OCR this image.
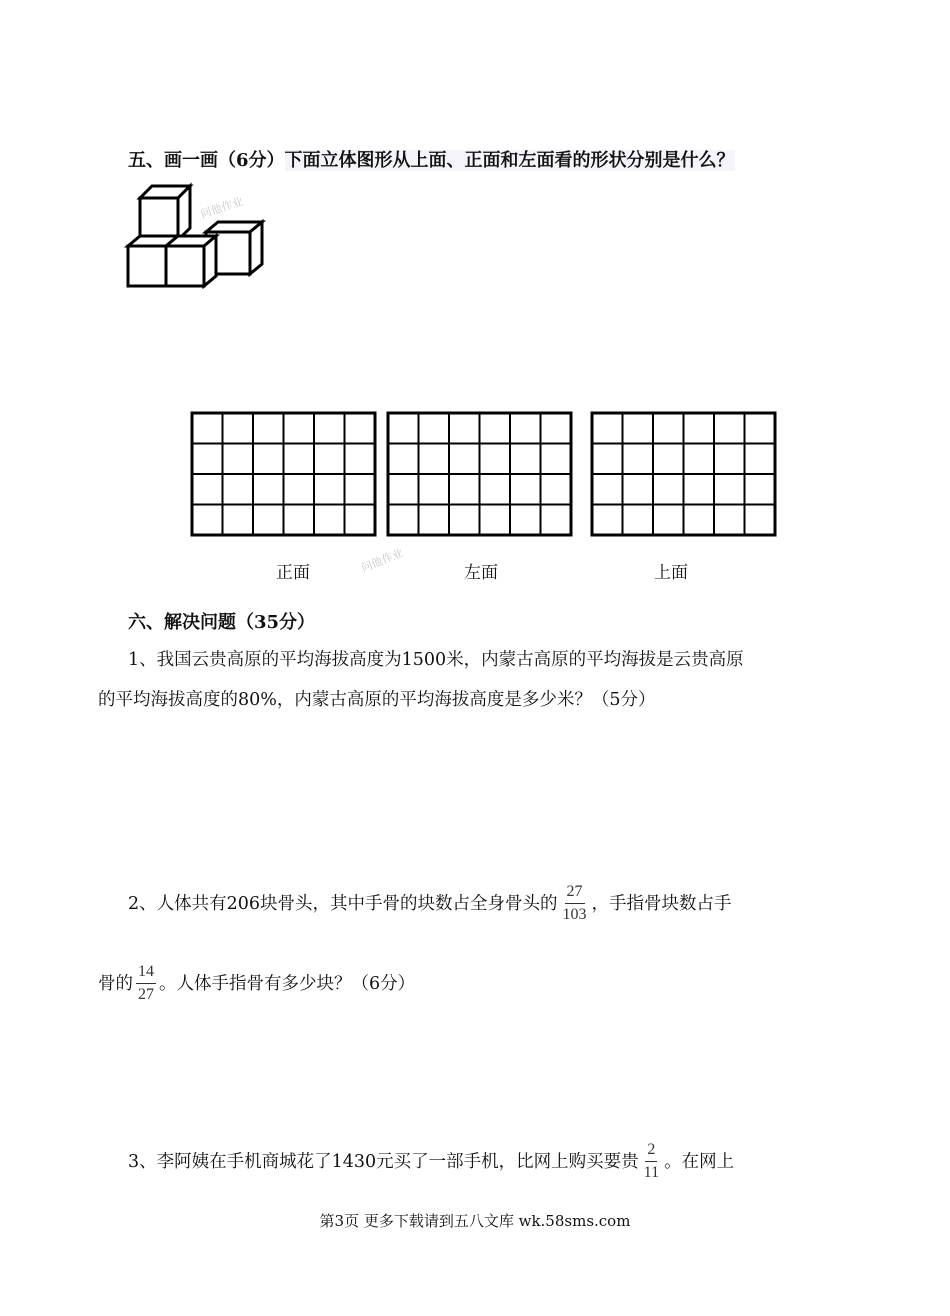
五、画一画（6分）下面立体图形从上面、正面和左面看的形状分别是什么？
问他作业
正面	左面	上面
问他作业
六、解决问题（35分）
1、我国云贵高原的平均海拔高度为1500米，内蒙古高原的平均海拔是云贵高原
的平均海拔高度的80%，内蒙古高原的平均海拔高度是多少米？（5分）
2、人体共有206块骨头，其中手骨的块数占全身骨头的 $\frac{27}{103}$ ，手指骨块数占手
骨的 $\frac{14}{27}$ 。人体手指骨有多少块？（6分）
3、李阿姨在手机商城花了1430元买了一部手机，比网上购买要贵 $\frac{2}{11}$ 。在网上
第3页 更多下载请到五八文库 wk.58sms.com
